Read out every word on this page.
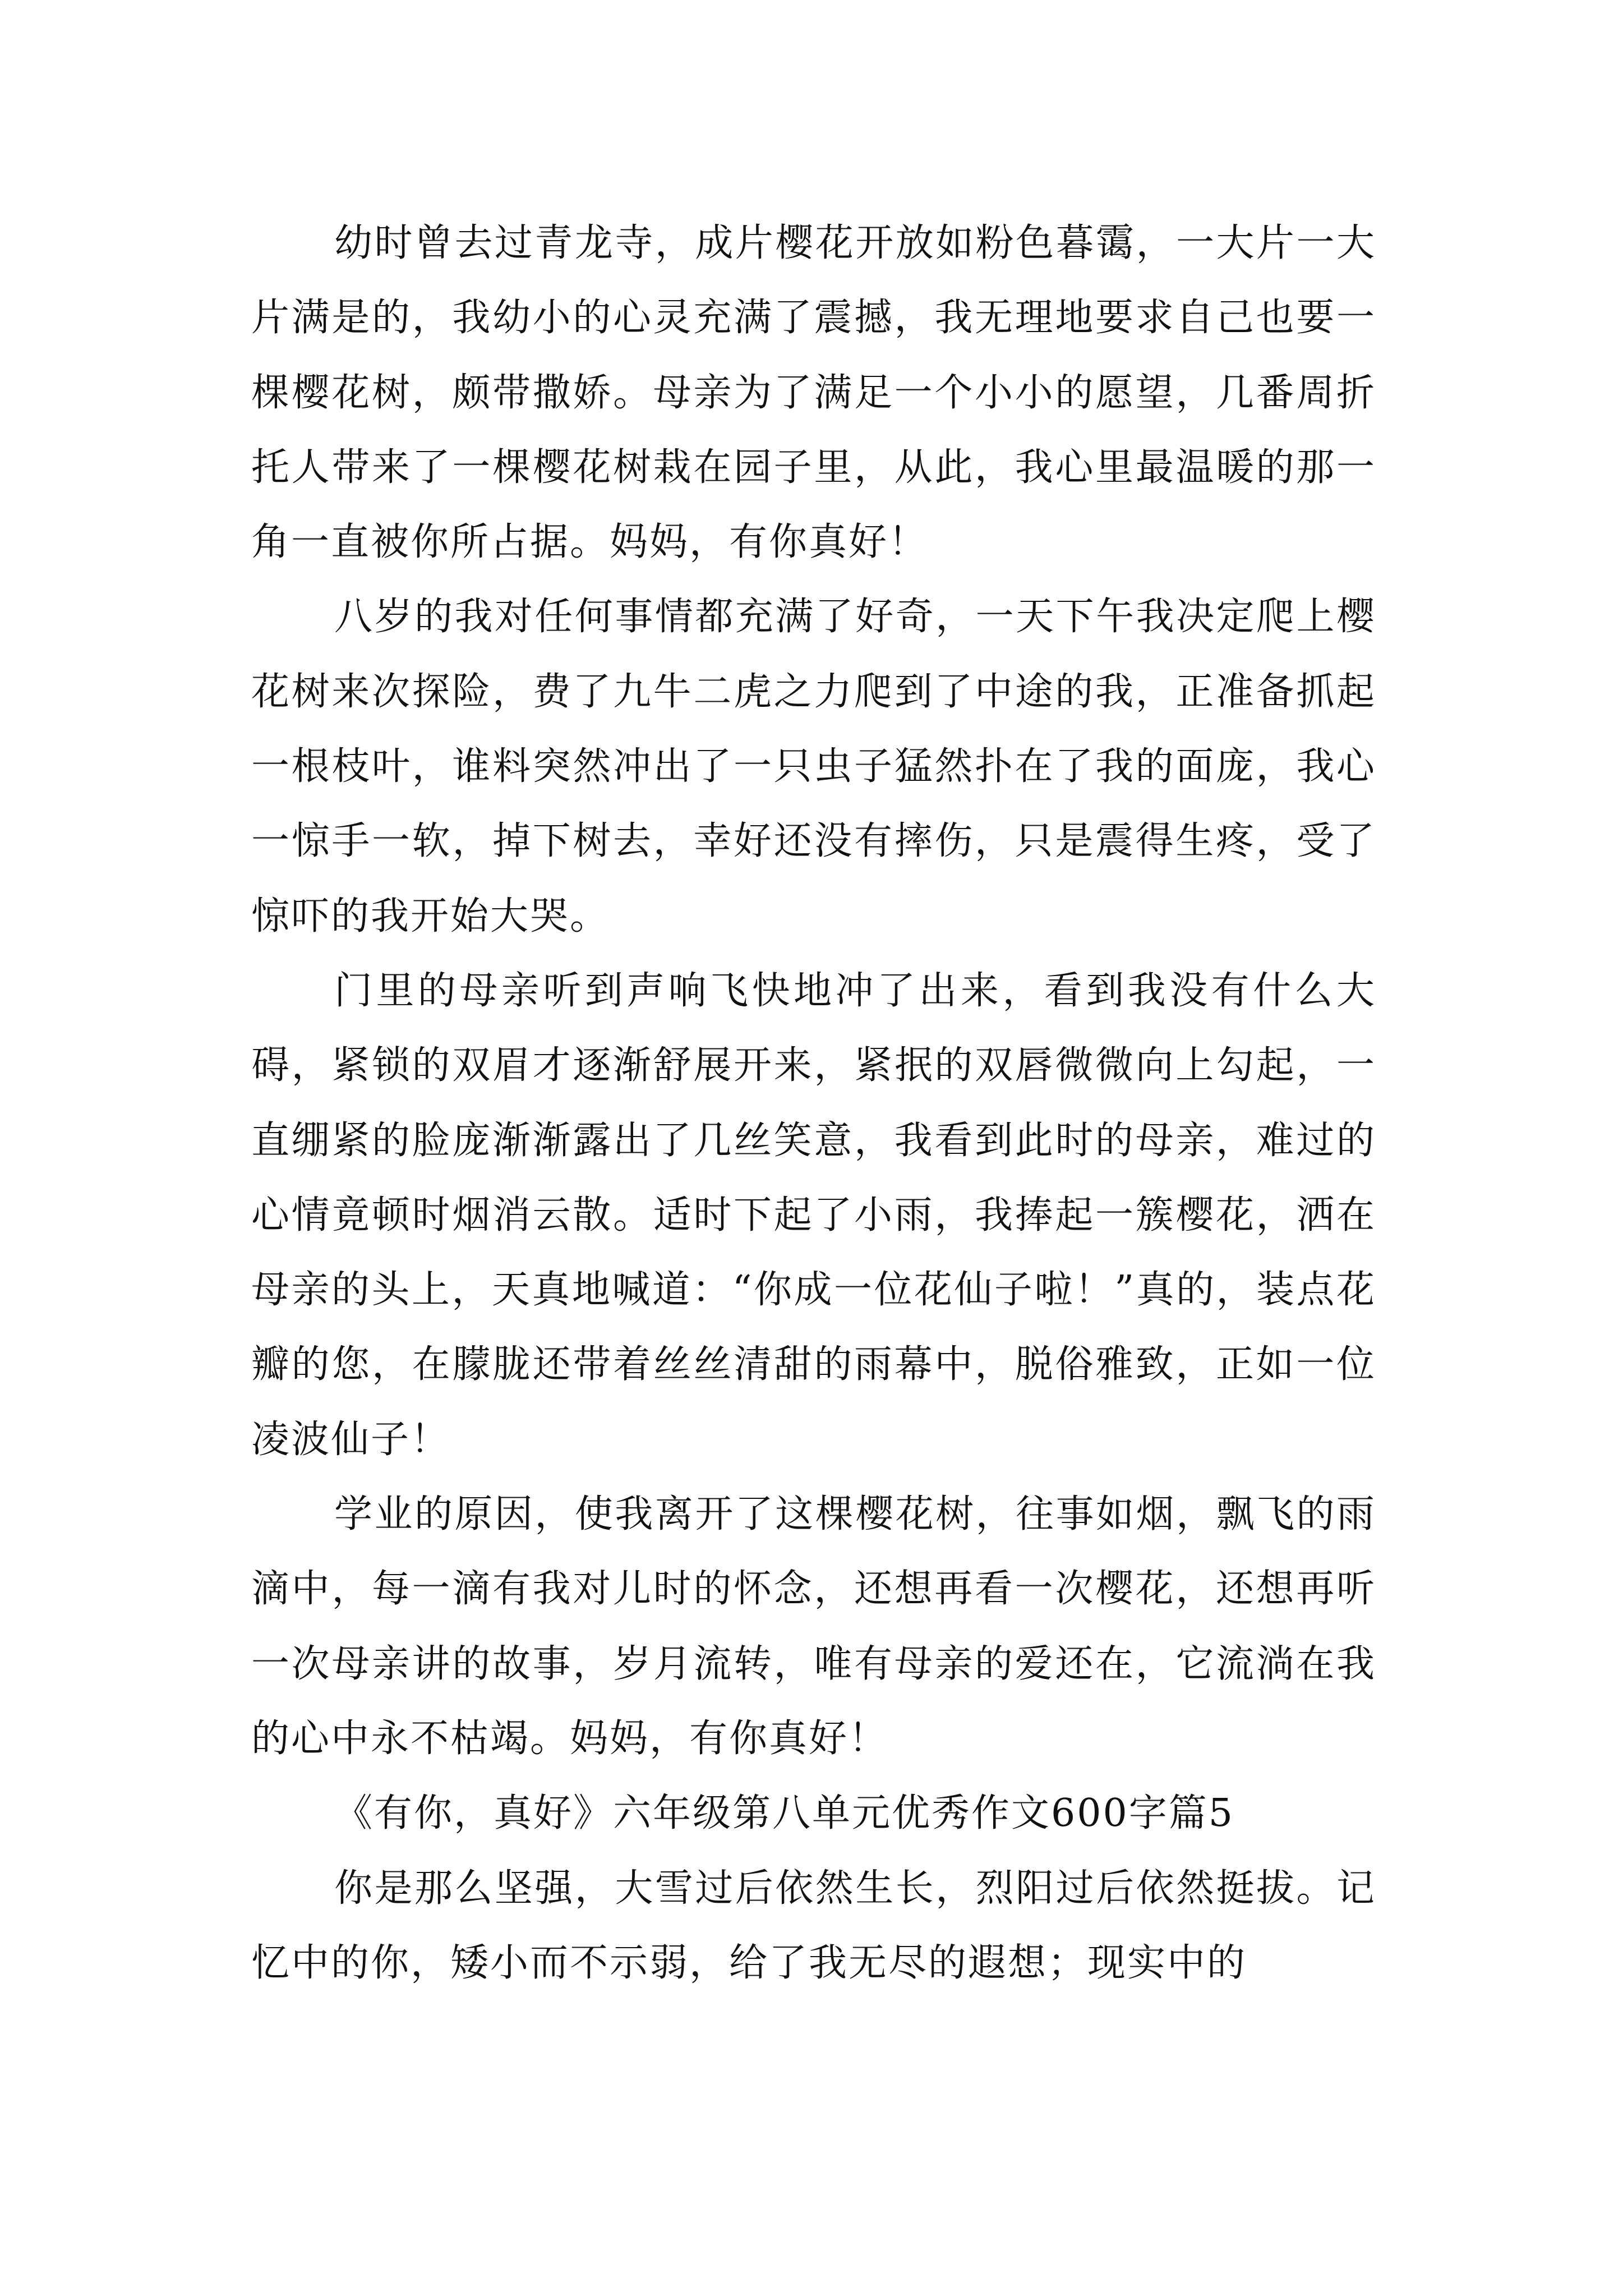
幼时曾去过青龙寺，成片樱花开放如粉色暮霭，一大片一大片满是的，我幼小的心灵充满了震撼，我无理地要求自己也要一棵樱花树，颇带撒娇。母亲为了满足一个小小的愿望，几番周折托人带来了一棵樱花树栽在园子里，从此，我心里最温暖的那一角一直被你所占据。妈妈，有你真好！

八岁的我对任何事情都充满了好奇，一天下午我决定爬上樱花树来次探险，费了九牛二虎之力爬到了中途的我，正准备抓起一根枝叶，谁料突然冲出了一只虫子猛然扑在了我的面庞，我心一惊手一软，掉下树去，幸好还没有摔伤，只是震得生疼，受了惊吓的我开始大哭。

门里的母亲听到声响飞快地冲了出来，看到我没有什么大碍，紧锁的双眉才逐渐舒展开来，紧抿的双唇微微向上勾起，一直绷紧的脸庞渐渐露出了几丝笑意，我看到此时的母亲，难过的心情竟顿时烟消云散。适时下起了小雨，我捧起一簇樱花，洒在母亲的头上，天真地喊道：“你成一位花仙子啦！”真的，装点花瓣的您，在朦胧还带着丝丝清甜的雨幕中，脱俗雅致，正如一位凌波仙子！

学业的原因，使我离开了这棵樱花树，往事如烟，飘飞的雨滴中，每一滴有我对儿时的怀念，还想再看一次樱花，还想再听一次母亲讲的故事，岁月流转，唯有母亲的爱还在，它流淌在我的心中永不枯竭。妈妈，有你真好！

《有你，真好》六年级第八单元优秀作文600字篇5

你是那么坚强，大雪过后依然生长，烈阳过后依然挺拔。记忆中的你，矮小而不示弱，给了我无尽的遐想；现实中的
